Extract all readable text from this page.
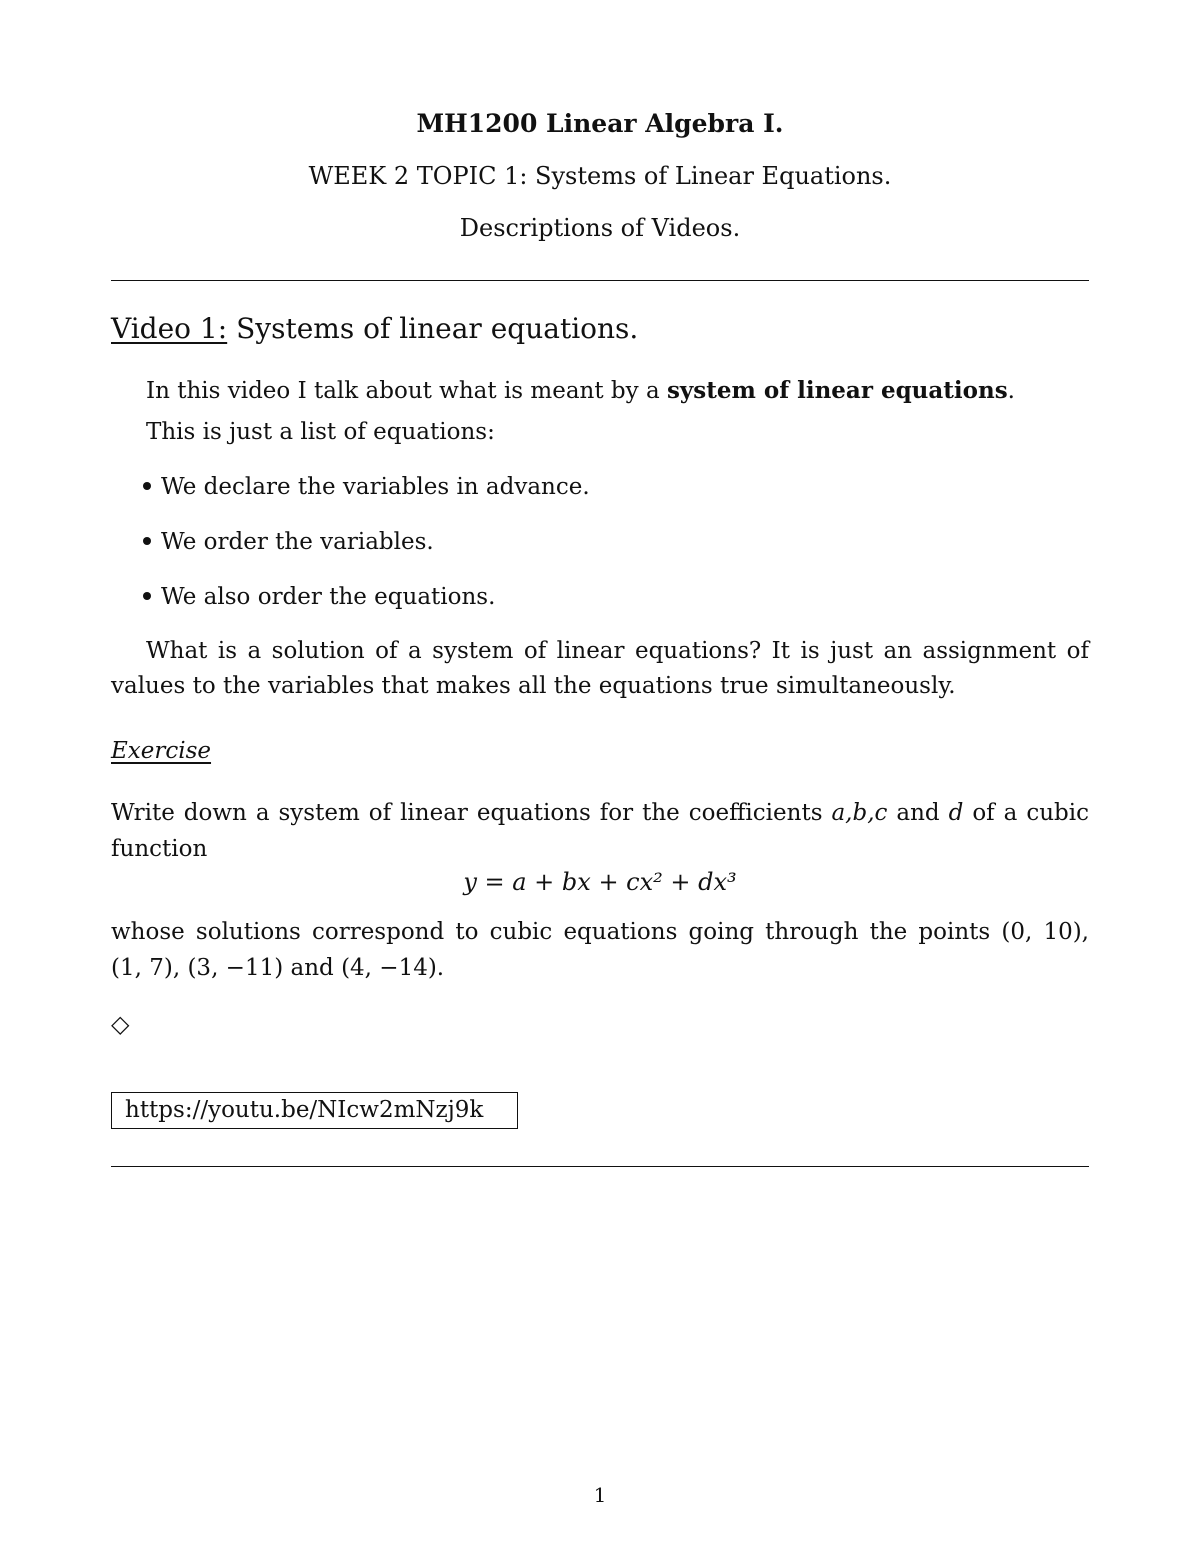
MH1200 Linear Algebra I.
WEEK 2 TOPIC 1: Systems of Linear Equations.
Descriptions of Videos.
Video 1: Systems of linear equations.
In this video I talk about what is meant by a system of linear equations.
This is just a list of equations:
We declare the variables in advance.
We order the variables.
We also order the equations.
What is a solution of a system of linear equations? It is just an assignment of
values to the variables that makes all the equations true simultaneously.
Exercise
Write down a system of linear equations for the coefficients a,b,c and d of a cubic
function
y = a + bx + cx² + dx³
whose solutions correspond to cubic equations going through the points (0, 10),
(1, 7), (3, −11) and (4, −14).
◇
https://youtu.be/NIcw2mNzj9k
1
